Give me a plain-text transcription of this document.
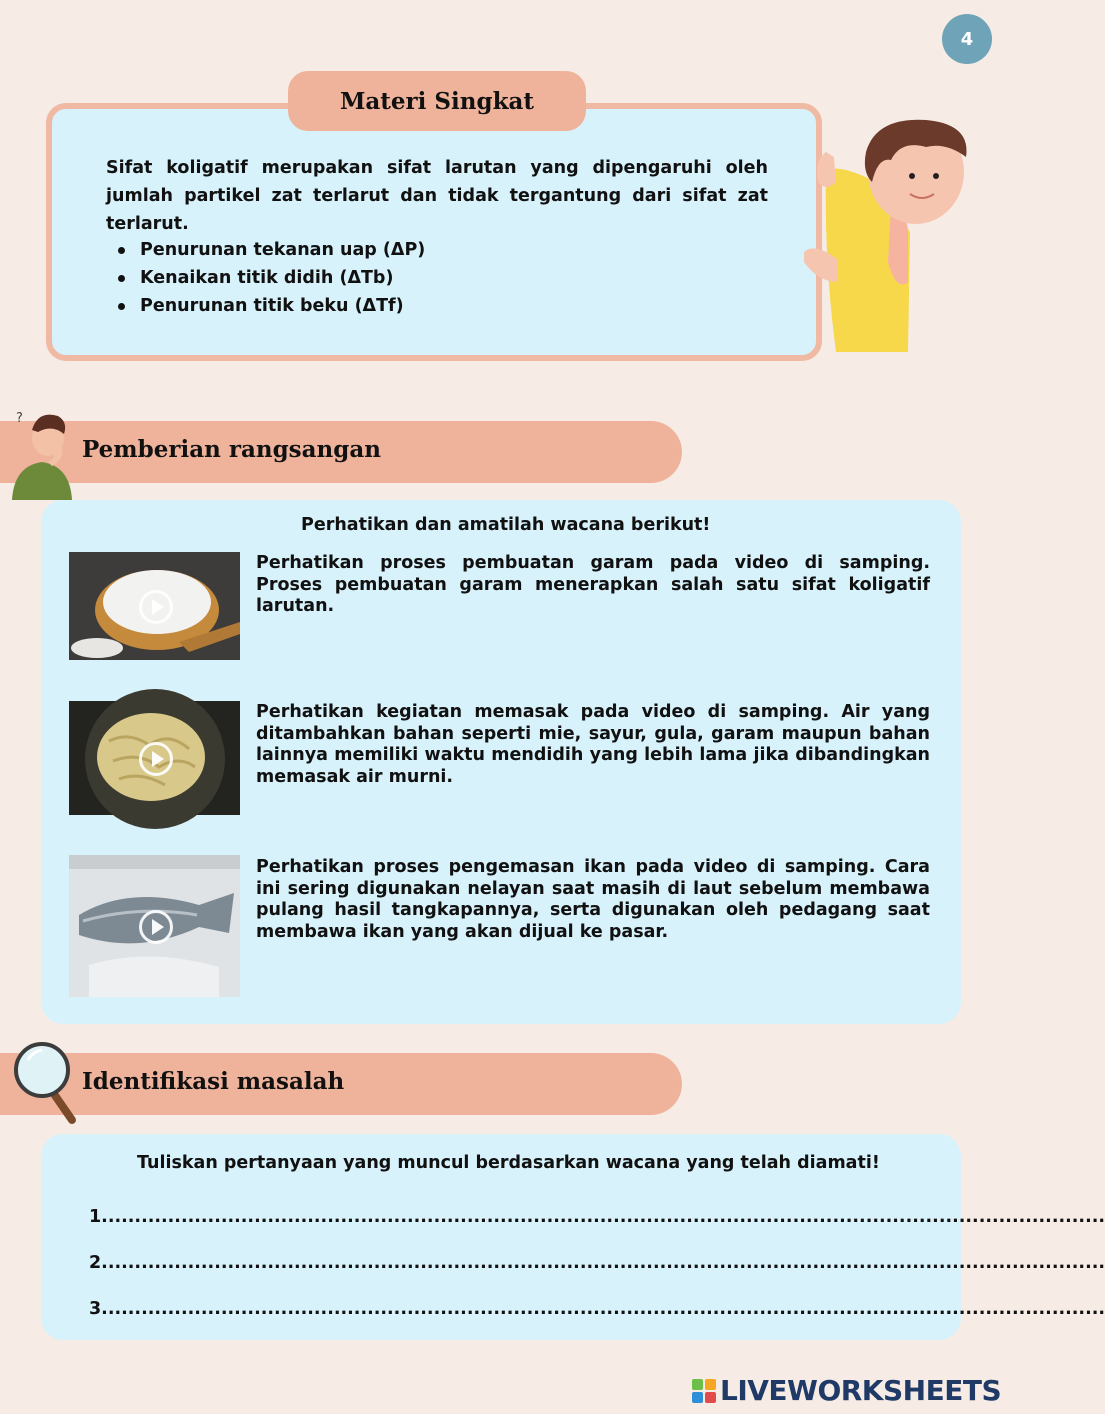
4
Materi Singkat
Sifat koligatif merupakan sifat larutan yang dipengaruhi oleh jumlah partikel zat terlarut dan tidak tergantung dari sifat zat terlarut.
Penurunan tekanan uap (ΔP)
Kenaikan titik didih (ΔTb)
Penurunan titik beku (ΔTf)
?
Pemberian rangsangan
Perhatikan dan amatilah wacana berikut!
Perhatikan proses pembuatan garam pada video di samping. Proses pembuatan garam menerapkan salah satu sifat koligatif larutan.
Perhatikan kegiatan memasak pada video di samping. Air yang ditambahkan bahan seperti mie, sayur, gula, garam maupun bahan lainnya memiliki waktu mendidih yang lebih lama jika dibandingkan memasak air murni.
Perhatikan proses pengemasan ikan pada video di samping. Cara ini sering digunakan nelayan saat masih di laut sebelum membawa pulang hasil tangkapannya, serta digunakan oleh pedagang saat membawa ikan yang akan dijual ke pasar.
Identifikasi masalah
Tuliskan pertanyaan yang muncul berdasarkan wacana yang telah diamati!
1.......................................................................................................................................................
2.......................................................................................................................................................
3.......................................................................................................................................................
LIVEWORKSHEETS
